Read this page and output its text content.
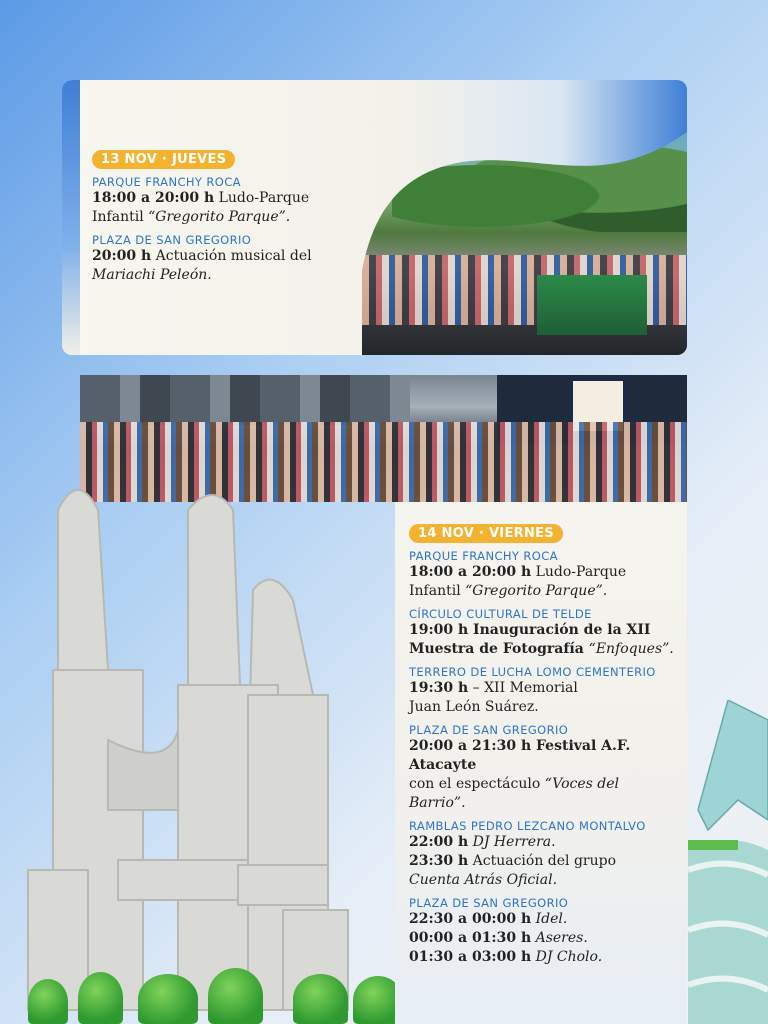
13 NOV · JUEVES
PARQUE FRANCHY ROCA
18:00 a 20:00 h Ludo-Parque
Infantil “Gregorito Parque”.
PLAZA DE SAN GREGORIO
20:00 h Actuación musical del
Mariachi Peleón.
14 NOV · VIERNES
PARQUE FRANCHY ROCA
18:00 a 20:00 h Ludo-Parque
Infantil “Gregorito Parque”.
CÍRCULO CULTURAL DE TELDE
19:00 h Inauguración de la XII
Muestra de Fotografía “Enfoques”.
TERRERO DE LUCHA LOMO CEMENTERIO
19:30 h – XII Memorial
Juan León Suárez.
PLAZA DE SAN GREGORIO
20:00 a 21:30 h Festival A.F. Atacayte
con el espectáculo “Voces del Barrio”.
RAMBLAS PEDRO LEZCANO MONTALVO
22:00 h DJ Herrera.
23:30 h Actuación del grupo
Cuenta Atrás Oficial.
PLAZA DE SAN GREGORIO
22:30 a 00:00 h Idel.
00:00 a 01:30 h Aseres.
01:30 a 03:00 h DJ Cholo.
